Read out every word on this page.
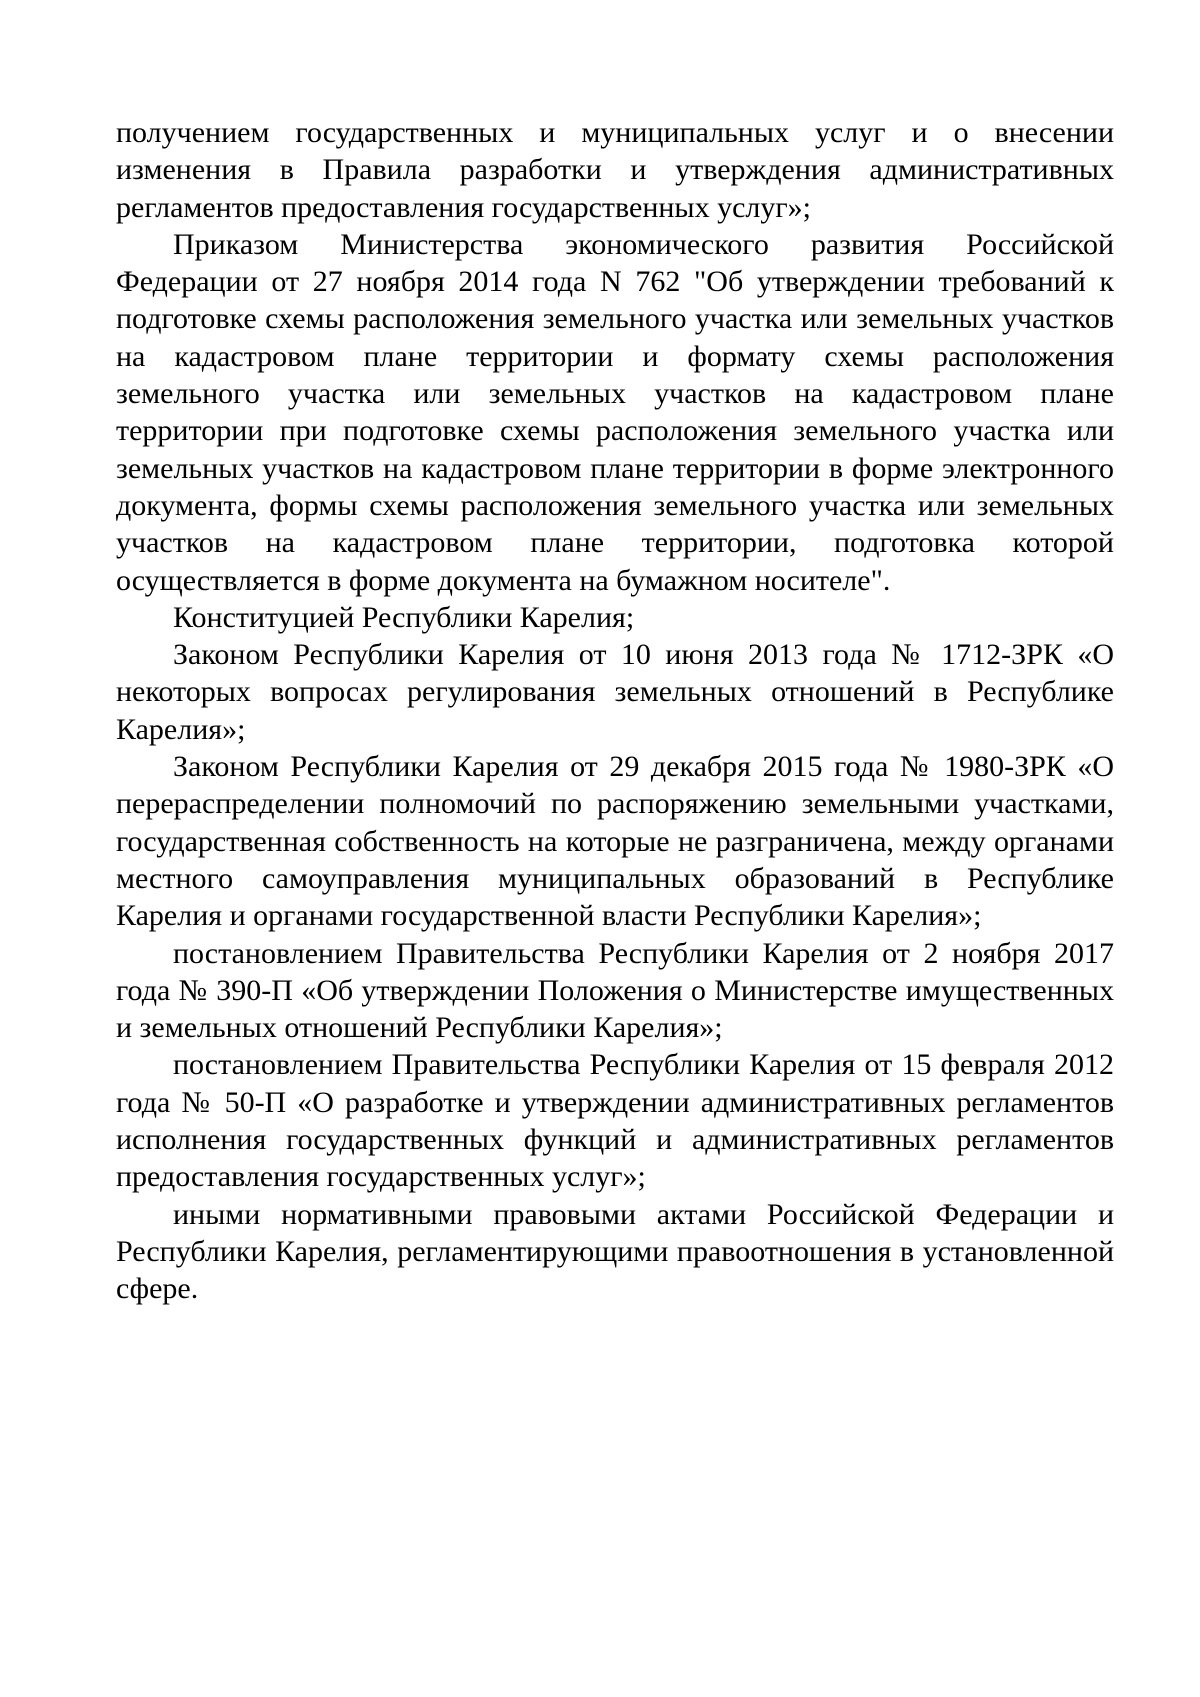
получением государственных и муниципальных услуг и о внесении изменения в Правила разработки и утверждения административных регламентов предоставления государственных услуг»;

Приказом Министерства экономического развития Российской Федерации от 27 ноября 2014 года N 762 "Об утверждении требований к подготовке схемы расположения земельного участка или земельных участков на кадастровом плане территории и формату схемы расположения земельного участка или земельных участков на кадастровом плане территории при подготовке схемы расположения земельного участка или земельных участков на кадастровом плане территории в форме электронного документа, формы схемы расположения земельного участка или земельных участков на кадастровом плане территории, подготовка которой осуществляется в форме документа на бумажном носителе".

Конституцией Республики Карелия;

Законом Республики Карелия от 10 июня 2013 года № 1712-ЗРК «О некоторых вопросах регулирования земельных отношений в Республике Карелия»;

Законом Республики Карелия от 29 декабря 2015 года № 1980-ЗРК «О перераспределении полномочий по распоряжению земельными участками, государственная собственность на которые не разграничена, между органами местного самоуправления муниципальных образований в Республике Карелия и органами государственной власти Республики Карелия»;

постановлением Правительства Республики Карелия от 2 ноября 2017 года № 390-П «Об утверждении Положения о Министерстве имущественных и земельных отношений Республики Карелия»;

постановлением Правительства Республики Карелия от 15 февраля 2012 года № 50-П «О разработке и утверждении административных регламентов исполнения государственных функций и административных регламентов предоставления государственных услуг»;

иными нормативными правовыми актами Российской Федерации и Республики Карелия, регламентирующими правоотношения в установленной сфере.
